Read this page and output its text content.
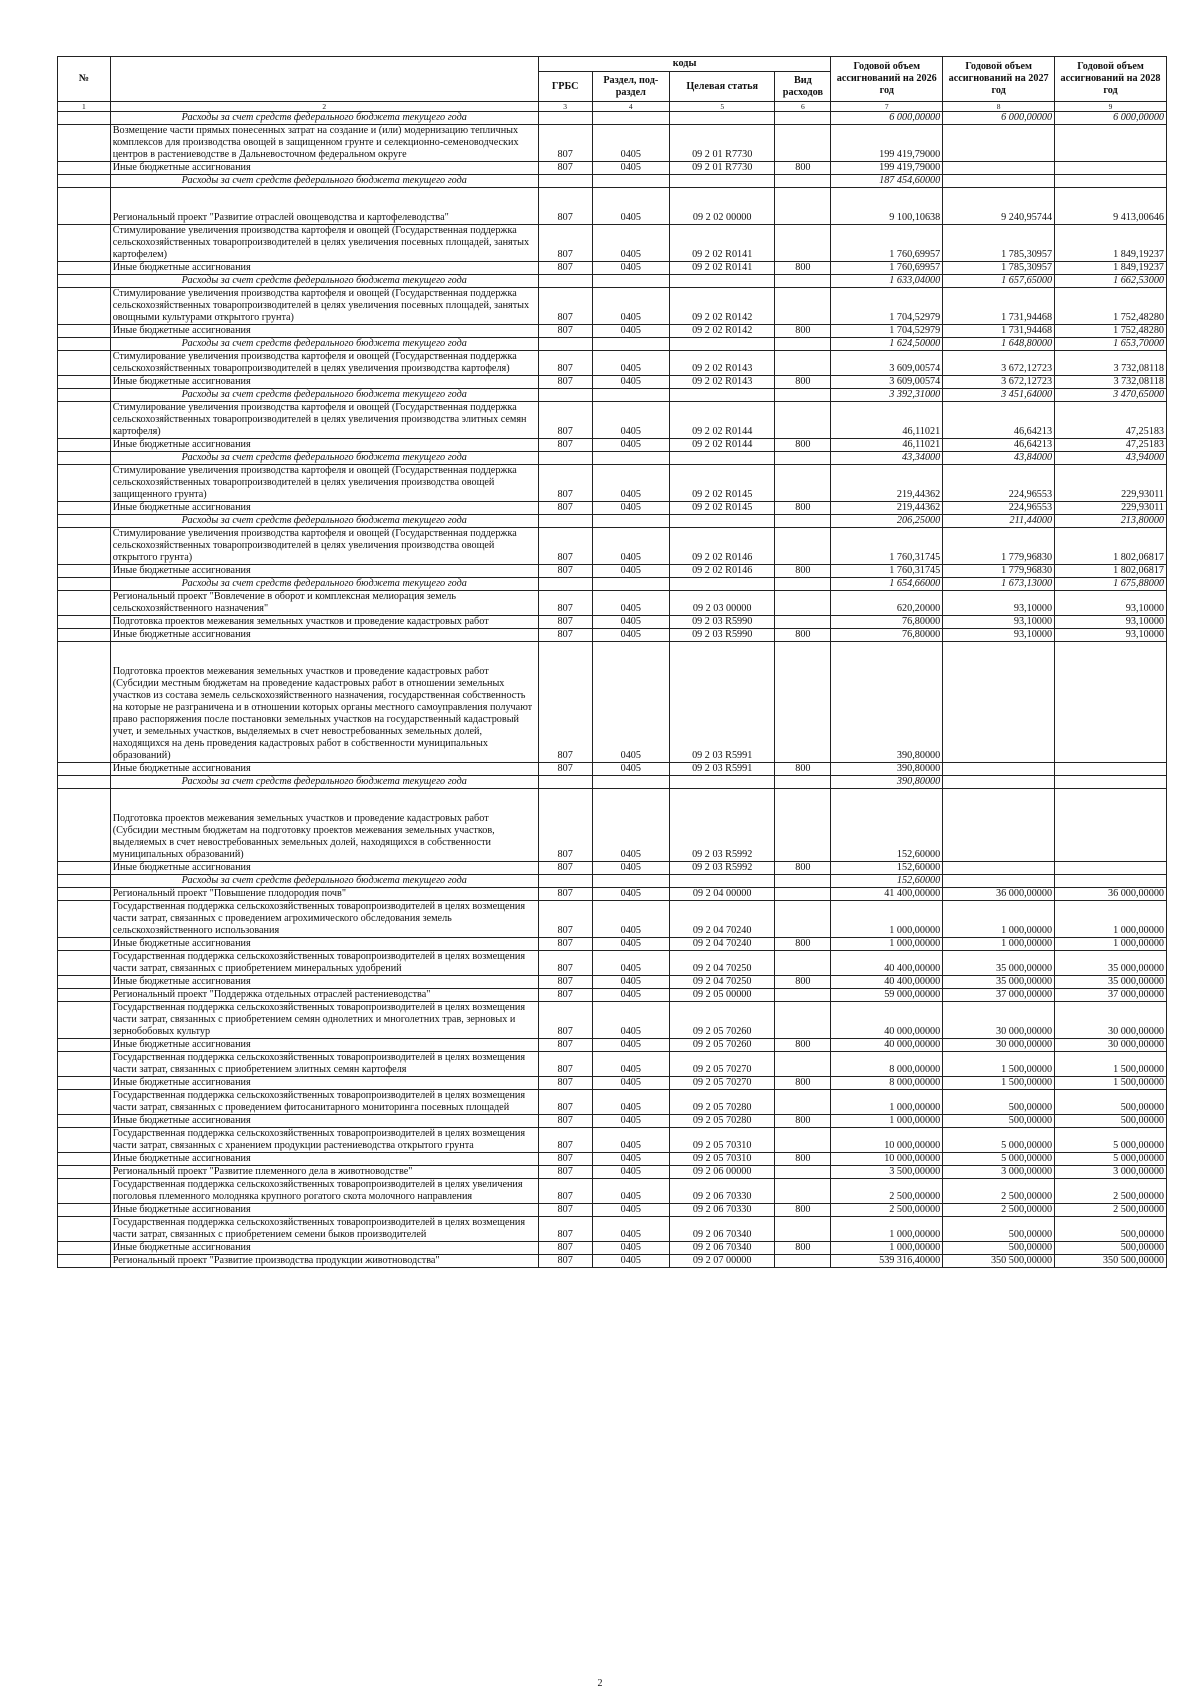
№		коды				Годовой объем ассигнований на 2026 год	Годовой объем ассигнований на 2027 год	Годовой объем ассигнований на 2028 год
		ГРБС	Раздел, под-раздел	Целевая статья	Вид расходов			
1	2	3	4	5	6	7	8	9
	Расходы за счет средств федерального бюджета текущего года					6 000,00000	6 000,00000	6 000,00000
	Возмещение части прямых понесенных затрат на создание и (или) модернизацию тепличных комплексов для производства овощей в защищенном грунте и селекционно-семеноводческих центров в растениеводстве в Дальневосточном федеральном округе	807	0405	09 2 01 R7730		199 419,79000		
	Иные бюджетные ассигнования	807	0405	09 2 01 R7730	800	199 419,79000		
	Расходы за счет средств федерального бюджета текущего года					187 454,60000		
	Региональный проект "Развитие отраслей овощеводства и картофелеводства"	807	0405	09 2 02 00000		9 100,10638	9 240,95744	9 413,00646
	Стимулирование увеличения производства картофеля и овощей (Государственная поддержка сельскохозяйственных товаропроизводителей в целях увеличения посевных площадей, занятых картофелем)	807	0405	09 2 02 R0141		1 760,69957	1 785,30957	1 849,19237
	Иные бюджетные ассигнования	807	0405	09 2 02 R0141	800	1 760,69957	1 785,30957	1 849,19237
	Расходы за счет средств федерального бюджета текущего года					1 633,04000	1 657,65000	1 662,53000
	Стимулирование увеличения производства картофеля и овощей (Государственная поддержка сельскохозяйственных товаропроизводителей в целях увеличения посевных площадей, занятых овощными культурами открытого грунта)	807	0405	09 2 02 R0142		1 704,52979	1 731,94468	1 752,48280
	Иные бюджетные ассигнования	807	0405	09 2 02 R0142	800	1 704,52979	1 731,94468	1 752,48280
	Расходы за счет средств федерального бюджета текущего года					1 624,50000	1 648,80000	1 653,70000
	Стимулирование увеличения производства картофеля и овощей (Государственная поддержка сельскохозяйственных товаропроизводителей в целях увеличения производства картофеля)	807	0405	09 2 02 R0143		3 609,00574	3 672,12723	3 732,08118
	Иные бюджетные ассигнования	807	0405	09 2 02 R0143	800	3 609,00574	3 672,12723	3 732,08118
	Расходы за счет средств федерального бюджета текущего года					3 392,31000	3 451,64000	3 470,65000
	Стимулирование увеличения производства картофеля и овощей (Государственная поддержка сельскохозяйственных товаропроизводителей в целях увеличения производства элитных семян картофеля)	807	0405	09 2 02 R0144		46,11021	46,64213	47,25183
	Иные бюджетные ассигнования	807	0405	09 2 02 R0144	800	46,11021	46,64213	47,25183
	Расходы за счет средств федерального бюджета текущего года					43,34000	43,84000	43,94000
	Стимулирование увеличения производства картофеля и овощей (Государственная поддержка сельскохозяйственных товаропроизводителей в целях увеличения производства овощей защищенного грунта)	807	0405	09 2 02 R0145		219,44362	224,96553	229,93011
	Иные бюджетные ассигнования	807	0405	09 2 02 R0145	800	219,44362	224,96553	229,93011
	Расходы за счет средств федерального бюджета текущего года					206,25000	211,44000	213,80000
	Стимулирование увеличения производства картофеля и овощей (Государственная поддержка сельскохозяйственных товаропроизводителей в целях увеличения производства овощей открытого грунта)	807	0405	09 2 02 R0146		1 760,31745	1 779,96830	1 802,06817
	Иные бюджетные ассигнования	807	0405	09 2 02 R0146	800	1 760,31745	1 779,96830	1 802,06817
	Расходы за счет средств федерального бюджета текущего года					1 654,66000	1 673,13000	1 675,88000
	Региональный проект "Вовлечение в оборот и комплексная мелиорация земель сельскохозяйственного назначения"	807	0405	09 2 03 00000		620,20000	93,10000	93,10000
	Подготовка проектов межевания земельных участков и проведение кадастровых работ	807	0405	09 2 03 R5990		76,80000	93,10000	93,10000
	Иные бюджетные ассигнования	807	0405	09 2 03 R5990	800	76,80000	93,10000	93,10000
	Подготовка проектов межевания земельных участков и проведение кадастровых работ (Субсидии местным бюджетам на проведение кадастровых работ в отношении земельных участков из состава земель сельскохозяйственного назначения, государственная собственность на которые не разграничена и в отношении которых органы местного самоуправления получают право распоряжения после постановки земельных участков на государственный кадастровый учет, и земельных участков, выделяемых в счет невостребованных земельных долей, находящихся на день проведения кадастровых работ в собственности муниципальных образований)	807	0405	09 2 03 R5991		390,80000		
	Иные бюджетные ассигнования	807	0405	09 2 03 R5991	800	390,80000		
	Расходы за счет средств федерального бюджета текущего года					390,80000		
	Подготовка проектов межевания земельных участков и проведение кадастровых работ (Субсидии местным бюджетам на подготовку проектов межевания земельных участков, выделяемых в счет невостребованных земельных долей, находящихся в собственности муниципальных образований)	807	0405	09 2 03 R5992		152,60000		
	Иные бюджетные ассигнования	807	0405	09 2 03 R5992	800	152,60000		
	Расходы за счет средств федерального бюджета текущего года					152,60000		
	Региональный проект "Повышение плодородия почв"	807	0405	09 2 04 00000		41 400,00000	36 000,00000	36 000,00000
	Государственная поддержка сельскохозяйственных товаропроизводителей в целях возмещения части затрат, связанных с проведением агрохимического обследования земель сельскохозяйственного использования	807	0405	09 2 04 70240		1 000,00000	1 000,00000	1 000,00000
	Иные бюджетные ассигнования	807	0405	09 2 04 70240	800	1 000,00000	1 000,00000	1 000,00000
	Государственная поддержка сельскохозяйственных товаропроизводителей в целях возмещения части затрат, связанных с приобретением минеральных удобрений	807	0405	09 2 04 70250		40 400,00000	35 000,00000	35 000,00000
	Иные бюджетные ассигнования	807	0405	09 2 04 70250	800	40 400,00000	35 000,00000	35 000,00000
	Региональный проект "Поддержка отдельных отраслей растениеводства"	807	0405	09 2 05 00000		59 000,00000	37 000,00000	37 000,00000
	Государственная поддержка сельскохозяйственных товаропроизводителей в целях возмещения части затрат, связанных с приобретением семян однолетних и многолетних трав, зерновых и зернобобовых культур	807	0405	09 2 05 70260		40 000,00000	30 000,00000	30 000,00000
	Иные бюджетные ассигнования	807	0405	09 2 05 70260	800	40 000,00000	30 000,00000	30 000,00000
	Государственная поддержка сельскохозяйственных товаропроизводителей в целях возмещения части затрат, связанных с приобретением элитных семян картофеля	807	0405	09 2 05 70270		8 000,00000	1 500,00000	1 500,00000
	Иные бюджетные ассигнования	807	0405	09 2 05 70270	800	8 000,00000	1 500,00000	1 500,00000
	Государственная поддержка сельскохозяйственных товаропроизводителей в целях возмещения части затрат, связанных с проведением фитосанитарного мониторинга посевных площадей	807	0405	09 2 05 70280		1 000,00000	500,00000	500,00000
	Иные бюджетные ассигнования	807	0405	09 2 05 70280	800	1 000,00000	500,00000	500,00000
	Государственная поддержка сельскохозяйственных товаропроизводителей в целях возмещения части затрат, связанных с хранением продукции растениеводства открытого грунта	807	0405	09 2 05 70310		10 000,00000	5 000,00000	5 000,00000
	Иные бюджетные ассигнования	807	0405	09 2 05 70310	800	10 000,00000	5 000,00000	5 000,00000
	Региональный проект "Развитие племенного дела в животноводстве"	807	0405	09 2 06 00000		3 500,00000	3 000,00000	3 000,00000
	Государственная поддержка сельскохозяйственных товаропроизводителей в целях увеличения поголовья племенного молодняка крупного рогатого скота молочного направления	807	0405	09 2 06 70330		2 500,00000	2 500,00000	2 500,00000
	Иные бюджетные ассигнования	807	0405	09 2 06 70330	800	2 500,00000	2 500,00000	2 500,00000
	Государственная поддержка сельскохозяйственных товаропроизводителей в целях возмещения части затрат, связанных с приобретением семени быков производителей	807	0405	09 2 06 70340		1 000,00000	500,00000	500,00000
	Иные бюджетные ассигнования	807	0405	09 2 06 70340	800	1 000,00000	500,00000	500,00000
	Региональный проект "Развитие производства продукции животноводства"	807	0405	09 2 07 00000		539 316,40000	350 500,00000	350 500,00000
2
